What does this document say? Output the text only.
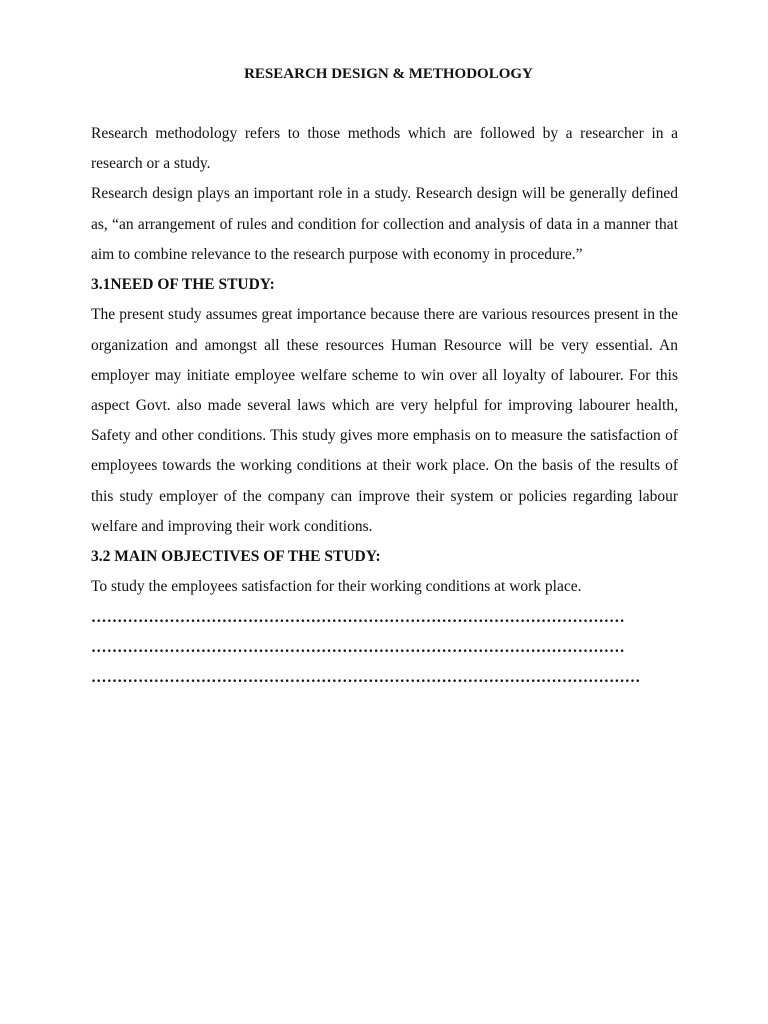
RESEARCH DESIGN & METHODOLOGY

Research methodology refers to those methods which are followed by a researcher in a research or a study.

Research design plays an important role in a study. Research design will be generally defined as, “an arrangement of rules and condition for collection and analysis of data in a manner that aim to combine relevance to the research purpose with economy in procedure.”

3.1NEED OF THE STUDY:

The present study assumes great importance because there are various resources present in the organization and amongst all these resources Human Resource will be very essential. An employer may initiate employee welfare scheme to win over all loyalty of labourer. For this aspect Govt. also made several laws which are very helpful for improving labourer health, Safety and other conditions. This study gives more emphasis on to measure the satisfaction of employees towards the working conditions at their work place. On the basis of the results of this study employer of the company can improve their system or policies regarding labour welfare and improving their work conditions.

3.2 MAIN OBJECTIVES OF THE STUDY:

To study the employees satisfaction for their working conditions at work place.

…………………………………………………………………………………………

…………………………………………………………………………………………

……………………………………………………………………………………………
